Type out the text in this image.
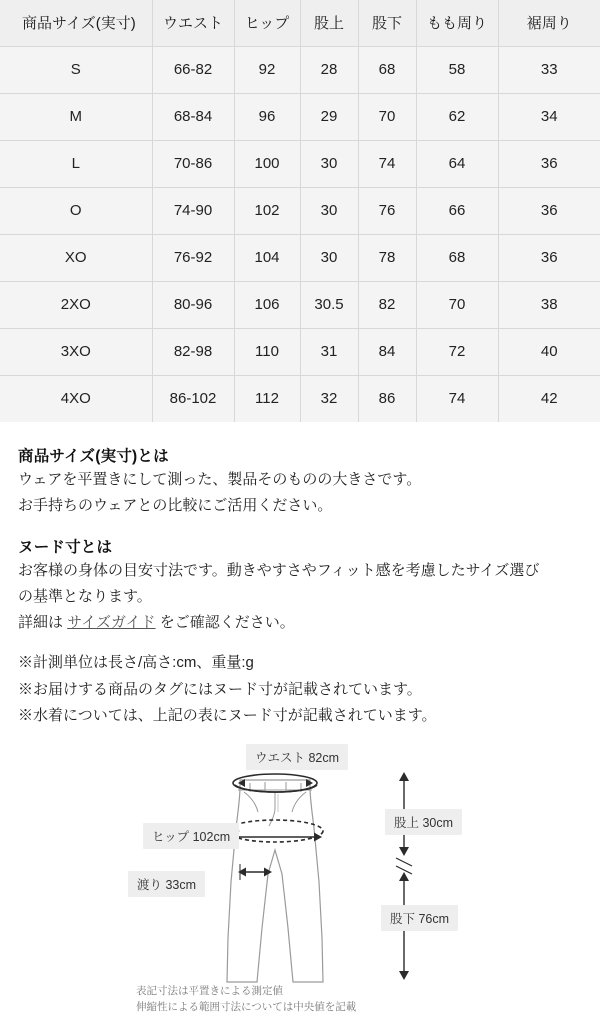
商品サイズ(実寸)	ウエスト	ヒップ	股上	股下	もも周り	裾周り
S	66-82	92	28	68	58	33
M	68-84	96	29	70	62	34
L	70-86	100	30	74	64	36
O	74-90	102	30	76	66	36
XO	76-92	104	30	78	68	36
2XO	80-96	106	30.5	82	70	38
3XO	82-98	110	31	84	72	40
4XO	86-102	112	32	86	74	42
商品サイズ(実寸)とは

ウェアを平置きにして測った、製品そのものの大きさです。

お手持ちのウェアとの比較にご活用ください。

ヌード寸とは

お客様の身体の目安寸法です。動きやすさやフィット感を考慮したサイズ選び

の基準となります。

詳細は サイズガイド をご確認ください。

※計測単位は長さ/高さ:cm、重量:g

※お届けする商品のタグにはヌード寸が記載されています。

※水着については、上記の表にヌード寸が記載されています。

ウエスト 82cm
ヒップ 102cm
渡り 33cm
股上 30cm
股下 76cm
表記寸法は平置きによる測定値
伸縮性による範囲寸法については中央値を記載
